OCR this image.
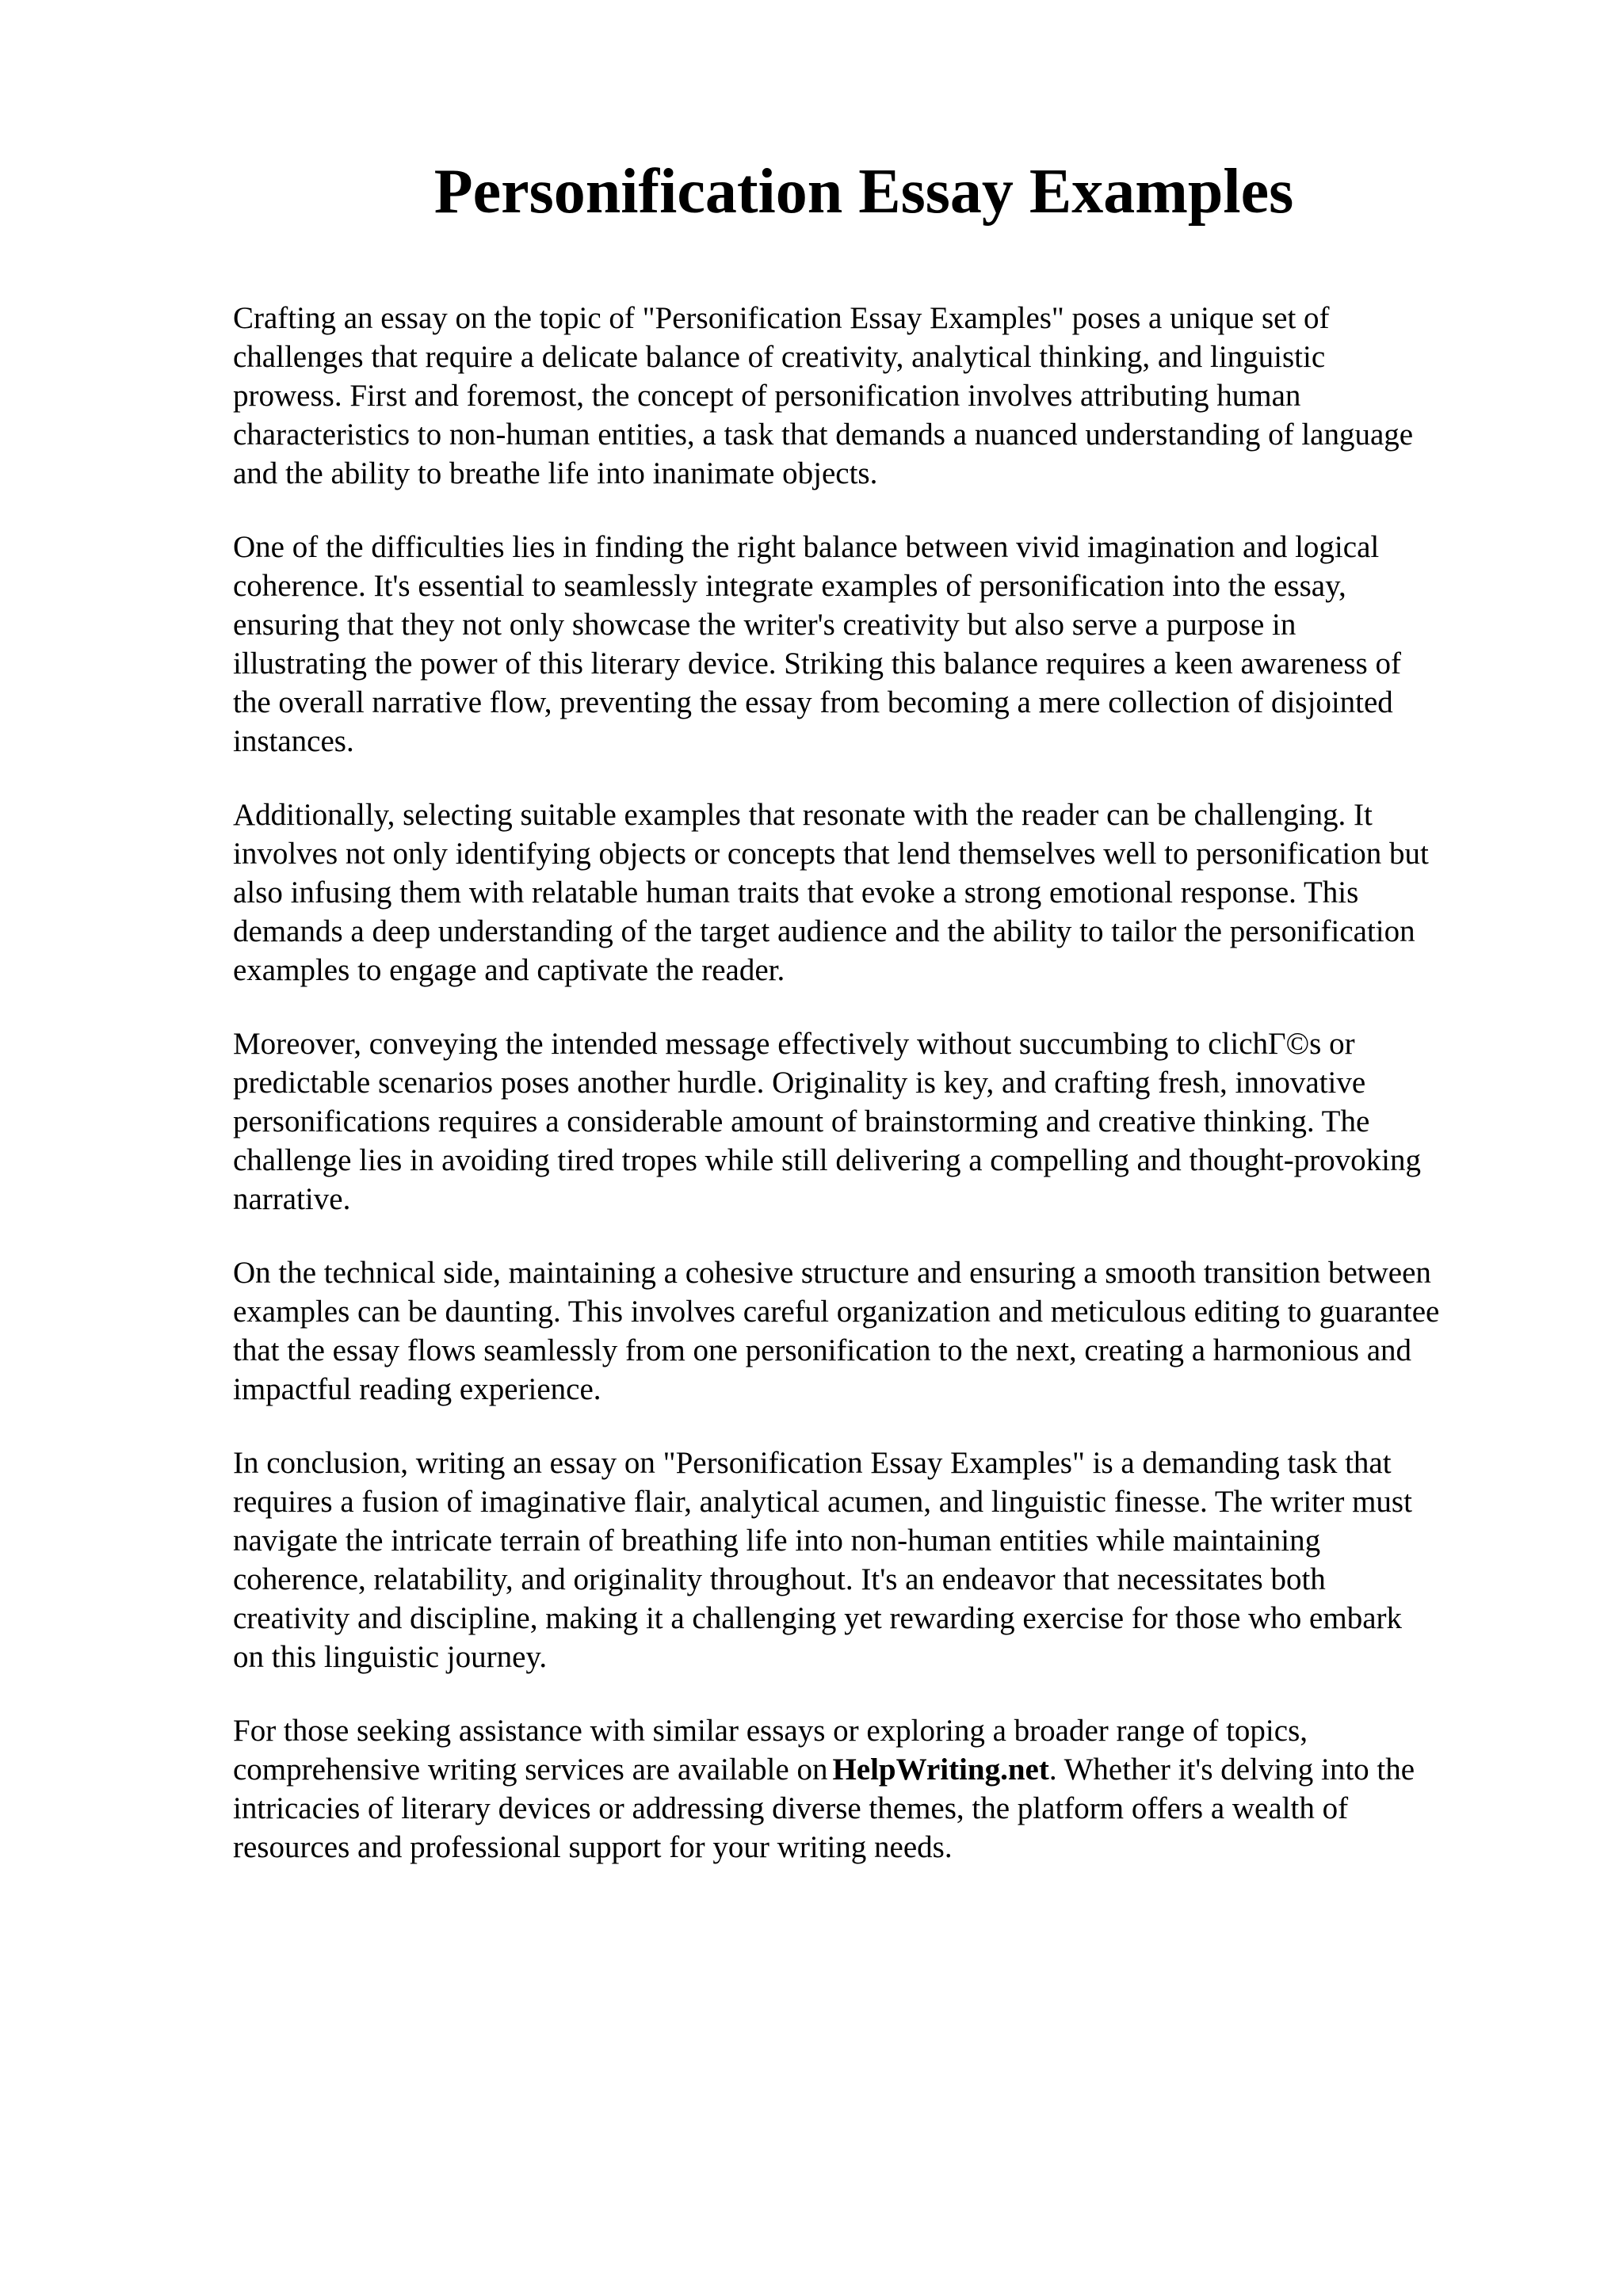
Personification Essay Examples

Crafting an essay on the topic of "Personification Essay Examples" poses a unique set of
challenges that require a delicate balance of creativity, analytical thinking, and linguistic
prowess. First and foremost, the concept of personification involves attributing human
characteristics to non-human entities, a task that demands a nuanced understanding of language
and the ability to breathe life into inanimate objects.

One of the difficulties lies in finding the right balance between vivid imagination and logical
coherence. It's essential to seamlessly integrate examples of personification into the essay,
ensuring that they not only showcase the writer's creativity but also serve a purpose in
illustrating the power of this literary device. Striking this balance requires a keen awareness of
the overall narrative flow, preventing the essay from becoming a mere collection of disjointed
instances.

Additionally, selecting suitable examples that resonate with the reader can be challenging. It
involves not only identifying objects or concepts that lend themselves well to personification but
also infusing them with relatable human traits that evoke a strong emotional response. This
demands a deep understanding of the target audience and the ability to tailor the personification
examples to engage and captivate the reader.

Moreover, conveying the intended message effectively without succumbing to clichΓ©s or
predictable scenarios poses another hurdle. Originality is key, and crafting fresh, innovative
personifications requires a considerable amount of brainstorming and creative thinking. The
challenge lies in avoiding tired tropes while still delivering a compelling and thought-provoking
narrative.

On the technical side, maintaining a cohesive structure and ensuring a smooth transition between
examples can be daunting. This involves careful organization and meticulous editing to guarantee
that the essay flows seamlessly from one personification to the next, creating a harmonious and
impactful reading experience.

In conclusion, writing an essay on "Personification Essay Examples" is a demanding task that
requires a fusion of imaginative flair, analytical acumen, and linguistic finesse. The writer must
navigate the intricate terrain of breathing life into non-human entities while maintaining
coherence, relatability, and originality throughout. It's an endeavor that necessitates both
creativity and discipline, making it a challenging yet rewarding exercise for those who embark
on this linguistic journey.

For those seeking assistance with similar essays or exploring a broader range of topics,
comprehensive writing services are available on HelpWriting.net. Whether it's delving into the
intricacies of literary devices or addressing diverse themes, the platform offers a wealth of
resources and professional support for your writing needs.
